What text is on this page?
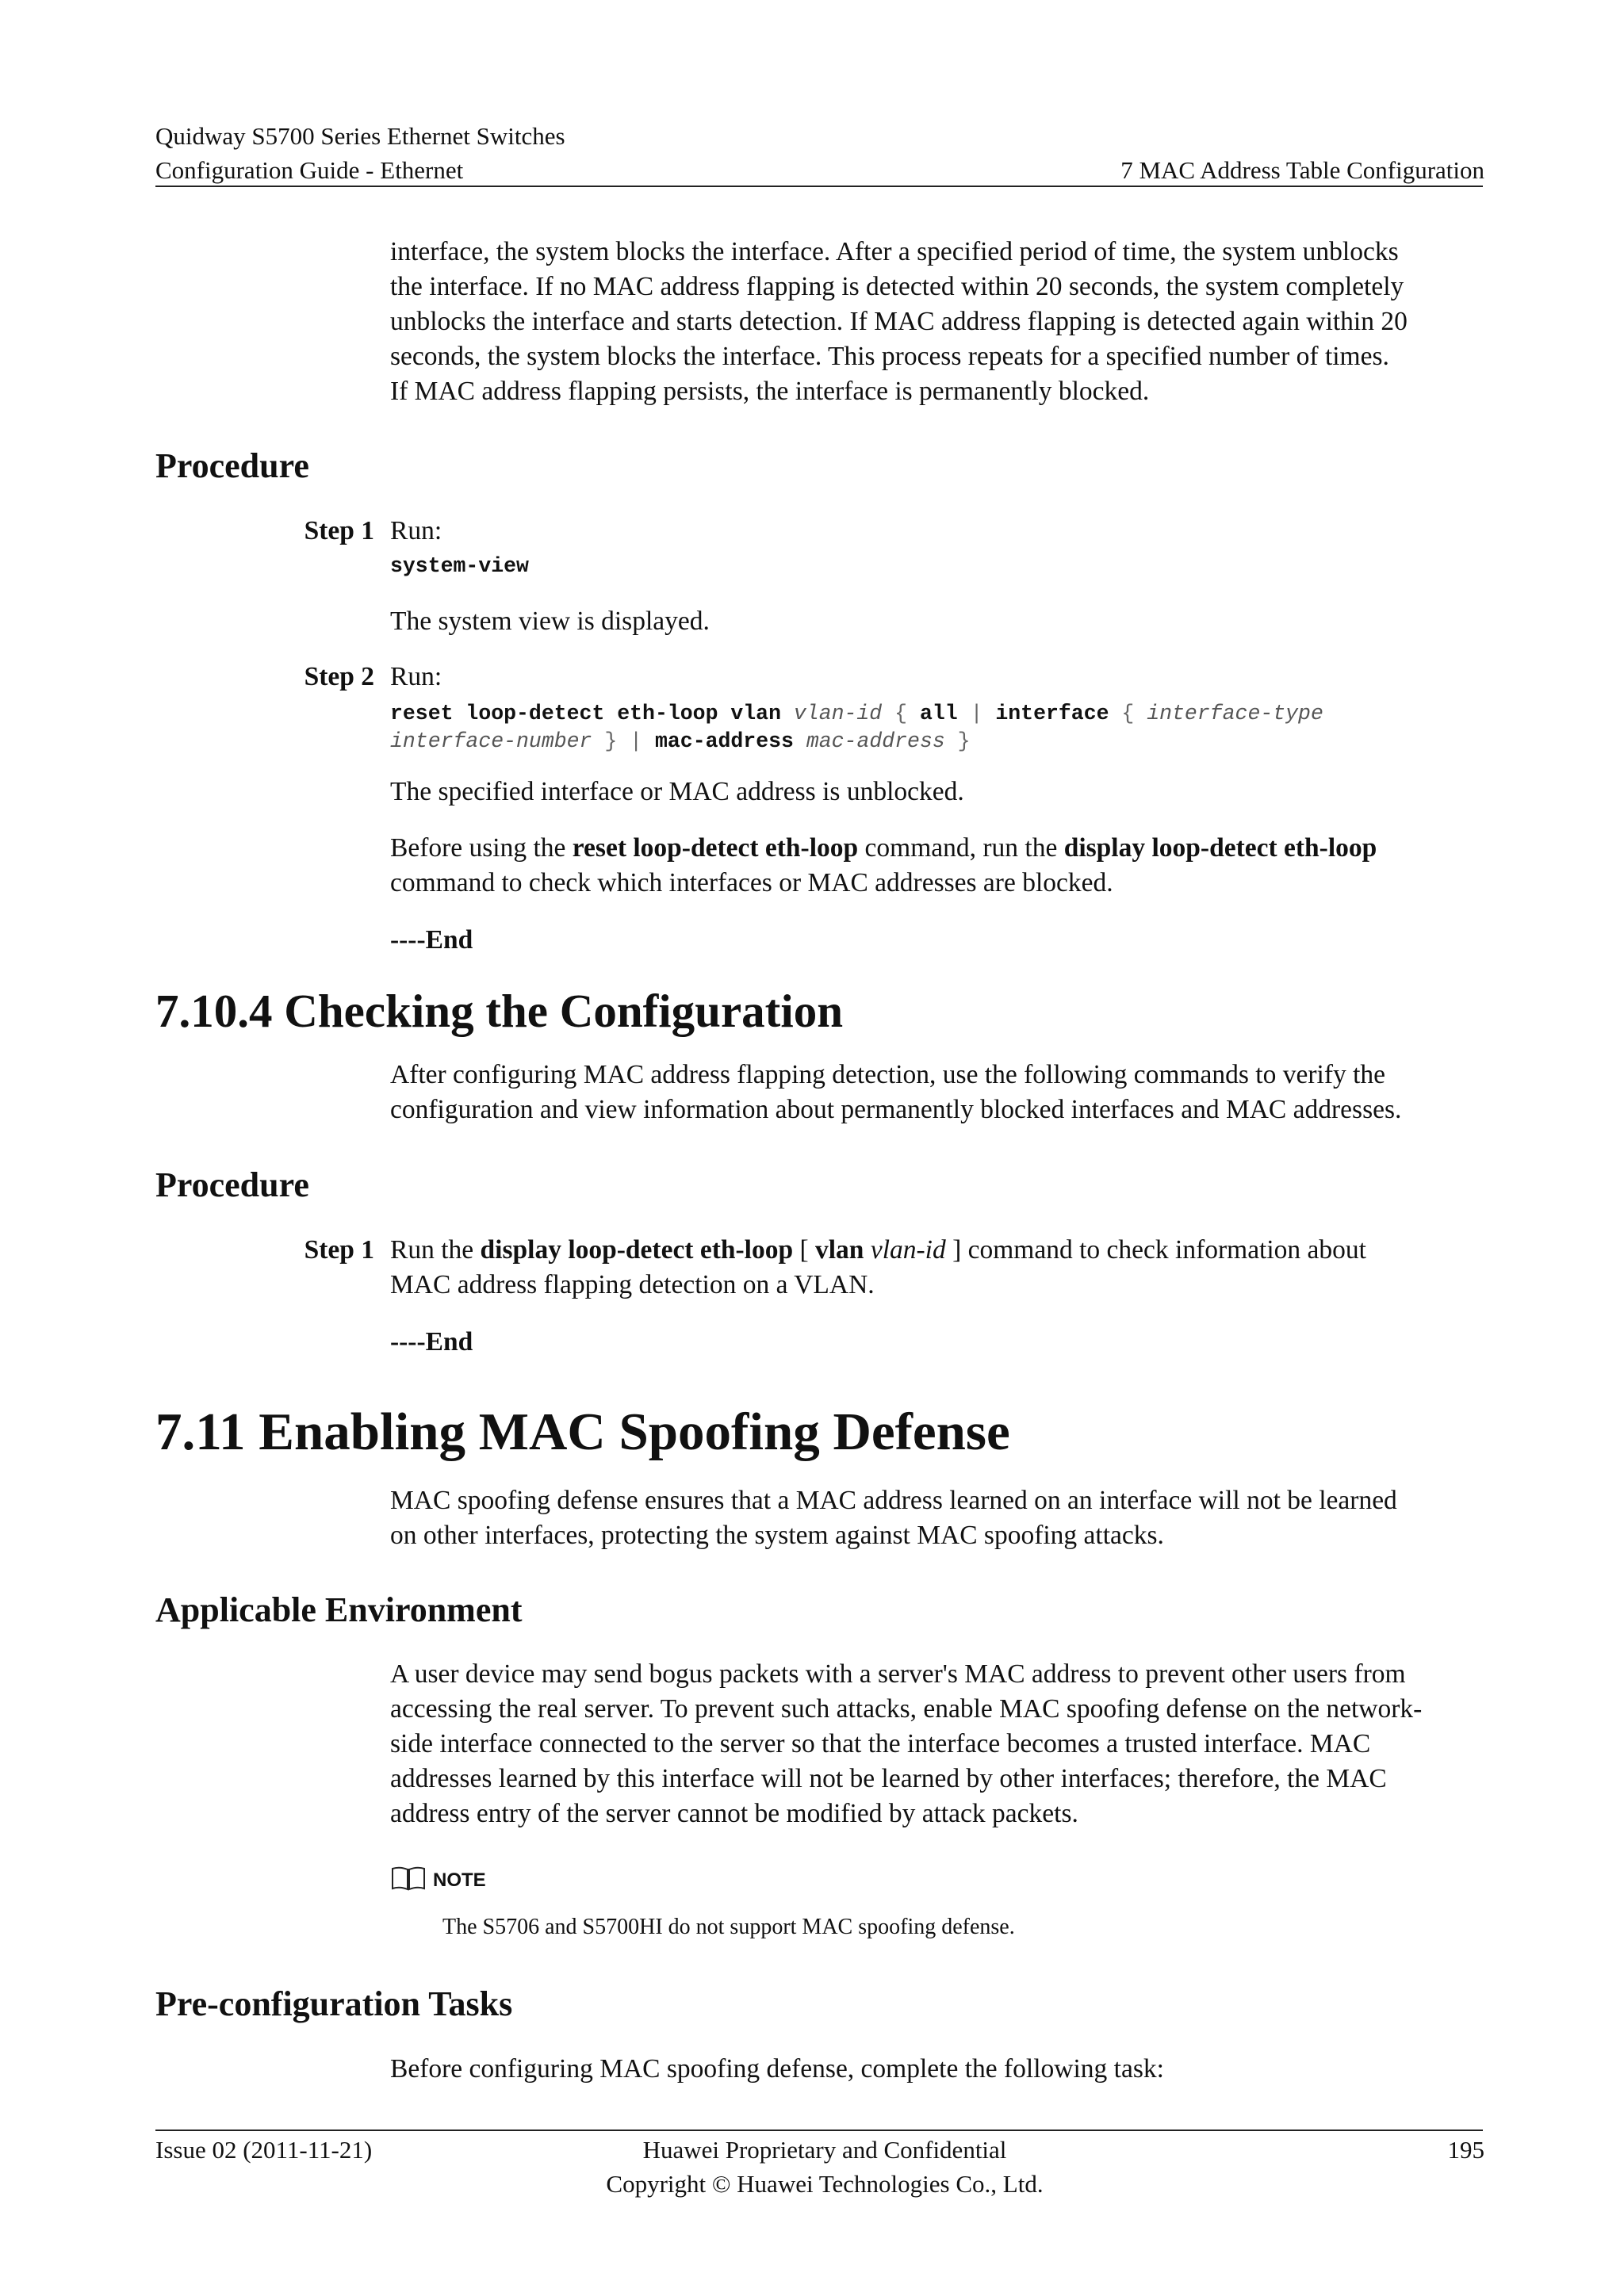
Quidway S5700 Series Ethernet Switches
Configuration Guide - Ethernet	7 MAC Address Table Configuration
interface, the system blocks the interface. After a specified period of time, the system unblocks
the interface. If no MAC address flapping is detected within 20 seconds, the system completely
unblocks the interface and starts detection. If MAC address flapping is detected again within 20
seconds, the system blocks the interface. This process repeats for a specified number of times.
If MAC address flapping persists, the interface is permanently blocked.
Procedure
Step 1 Run:
system-view
The system view is displayed.
Step 2 Run:
reset loop-detect eth-loop vlan vlan-id { all | interface { interface-type
interface-number } | mac-address mac-address }
The specified interface or MAC address is unblocked.
Before using the reset loop-detect eth-loop command, run the display loop-detect eth-loop command to check which interfaces or MAC addresses are blocked.
----End
7.10.4 Checking the Configuration
After configuring MAC address flapping detection, use the following commands to verify the
configuration and view information about permanently blocked interfaces and MAC addresses.
Procedure
Step 1 Run the display loop-detect eth-loop [ vlan vlan-id ] command to check information about
MAC address flapping detection on a VLAN.
----End
7.11 Enabling MAC Spoofing Defense
MAC spoofing defense ensures that a MAC address learned on an interface will not be learned
on other interfaces, protecting the system against MAC spoofing attacks.
Applicable Environment
A user device may send bogus packets with a server's MAC address to prevent other users from
accessing the real server. To prevent such attacks, enable MAC spoofing defense on the network-
side interface connected to the server so that the interface becomes a trusted interface. MAC
addresses learned by this interface will not be learned by other interfaces; therefore, the MAC
address entry of the server cannot be modified by attack packets.
NOTE
The S5706 and S5700HI do not support MAC spoofing defense.
Pre-configuration Tasks
Before configuring MAC spoofing defense, complete the following task:
Issue 02 (2011-11-21)	Huawei Proprietary and Confidential
Copyright © Huawei Technologies Co., Ltd.
195
